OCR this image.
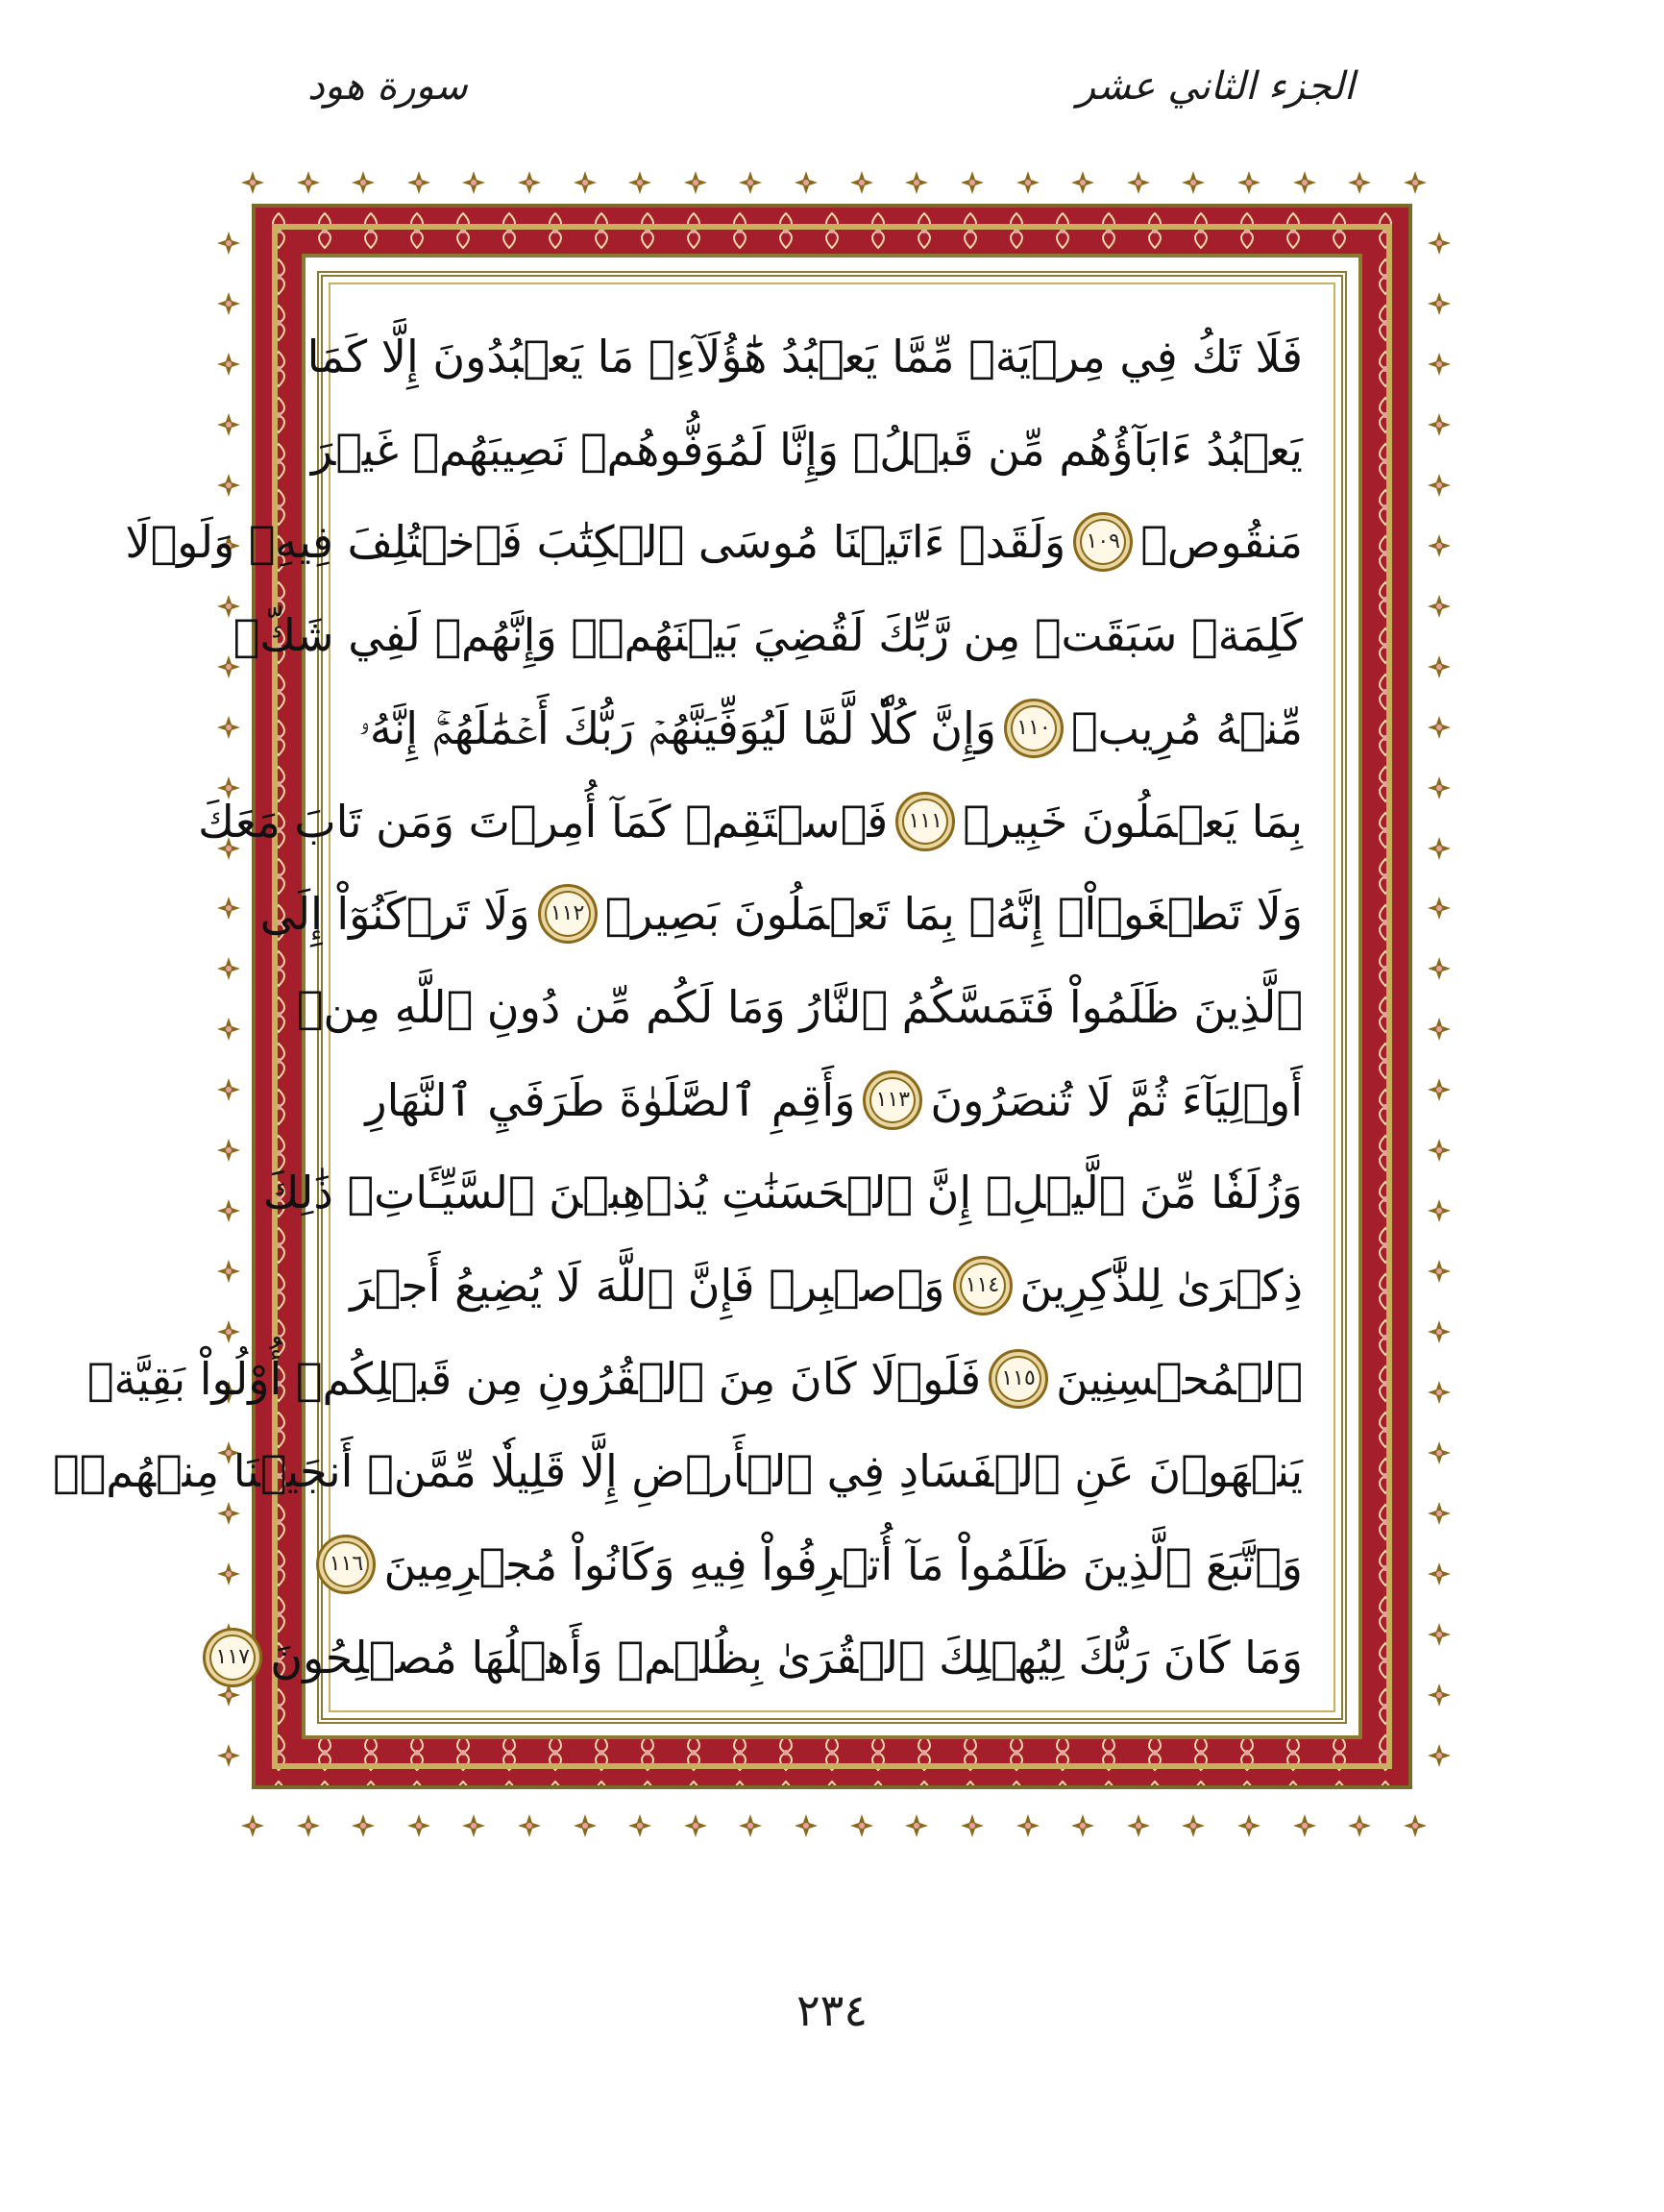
الجزء الثاني عشر
سورة هود
فَلَا تَكُ فِي مِرۡيَةٖ مِّمَّا يَعۡبُدُ هَٰٓؤُلَآءِۚ مَا يَعۡبُدُونَ إِلَّا كَمَا
يَعۡبُدُ ءَابَآؤُهُم مِّن قَبۡلُۚ وَإِنَّا لَمُوَفُّوهُمۡ نَصِيبَهُمۡ غَيۡرَ
مَنقُوصٖ
١٠٩
وَلَقَدۡ ءَاتَيۡنَا مُوسَى ٱلۡكِتَٰبَ فَٱخۡتُلِفَ فِيهِۚ وَلَوۡلَا
كَلِمَةٞ سَبَقَتۡ مِن رَّبِّكَ لَقُضِيَ بَيۡنَهُمۡۚ وَإِنَّهُمۡ لَفِي شَكّٖ
مِّنۡهُ مُرِيبٖ
١١٠
وَإِنَّ كُلّٗا لَّمَّا لَيُوَفِّيَنَّهُمۡ رَبُّكَ أَعۡمَٰلَهُمۡۚ إِنَّهُۥ
بِمَا يَعۡمَلُونَ خَبِيرٞ
١١١
فَٱسۡتَقِمۡ كَمَآ أُمِرۡتَ وَمَن تَابَ مَعَكَ
وَلَا تَطۡغَوۡاْۚ إِنَّهُۥ بِمَا تَعۡمَلُونَ بَصِيرٞ
١١٢
وَلَا تَرۡكَنُوٓاْ إِلَى
ٱلَّذِينَ ظَلَمُواْ فَتَمَسَّكُمُ ٱلنَّارُ وَمَا لَكُم مِّن دُونِ ٱللَّهِ مِنۡ
أَوۡلِيَآءَ ثُمَّ لَا تُنصَرُونَ
١١٣
وَأَقِمِ ٱلصَّلَوٰةَ طَرَفَيِ ٱلنَّهَارِ
وَزُلَفٗا مِّنَ ٱلَّيۡلِۚ إِنَّ ٱلۡحَسَنَٰتِ يُذۡهِبۡنَ ٱلسَّيِّـَٔاتِۚ ذَٰلِكَ
ذِكۡرَىٰ لِلذَّٰكِرِينَ
١١٤
وَٱصۡبِرۡ فَإِنَّ ٱللَّهَ لَا يُضِيعُ أَجۡرَ
ٱلۡمُحۡسِنِينَ
١١٥
فَلَوۡلَا كَانَ مِنَ ٱلۡقُرُونِ مِن قَبۡلِكُمۡ أُوْلُواْ بَقِيَّةٖ
يَنۡهَوۡنَ عَنِ ٱلۡفَسَادِ فِي ٱلۡأَرۡضِ إِلَّا قَلِيلٗا مِّمَّنۡ أَنجَيۡنَا مِنۡهُمۡۗ
وَٱتَّبَعَ ٱلَّذِينَ ظَلَمُواْ مَآ أُتۡرِفُواْ فِيهِ وَكَانُواْ مُجۡرِمِينَ
١١٦
وَمَا كَانَ رَبُّكَ لِيُهۡلِكَ ٱلۡقُرَىٰ بِظُلۡمٖ وَأَهۡلُهَا مُصۡلِحُونَ
١١٧
٢٣٤
